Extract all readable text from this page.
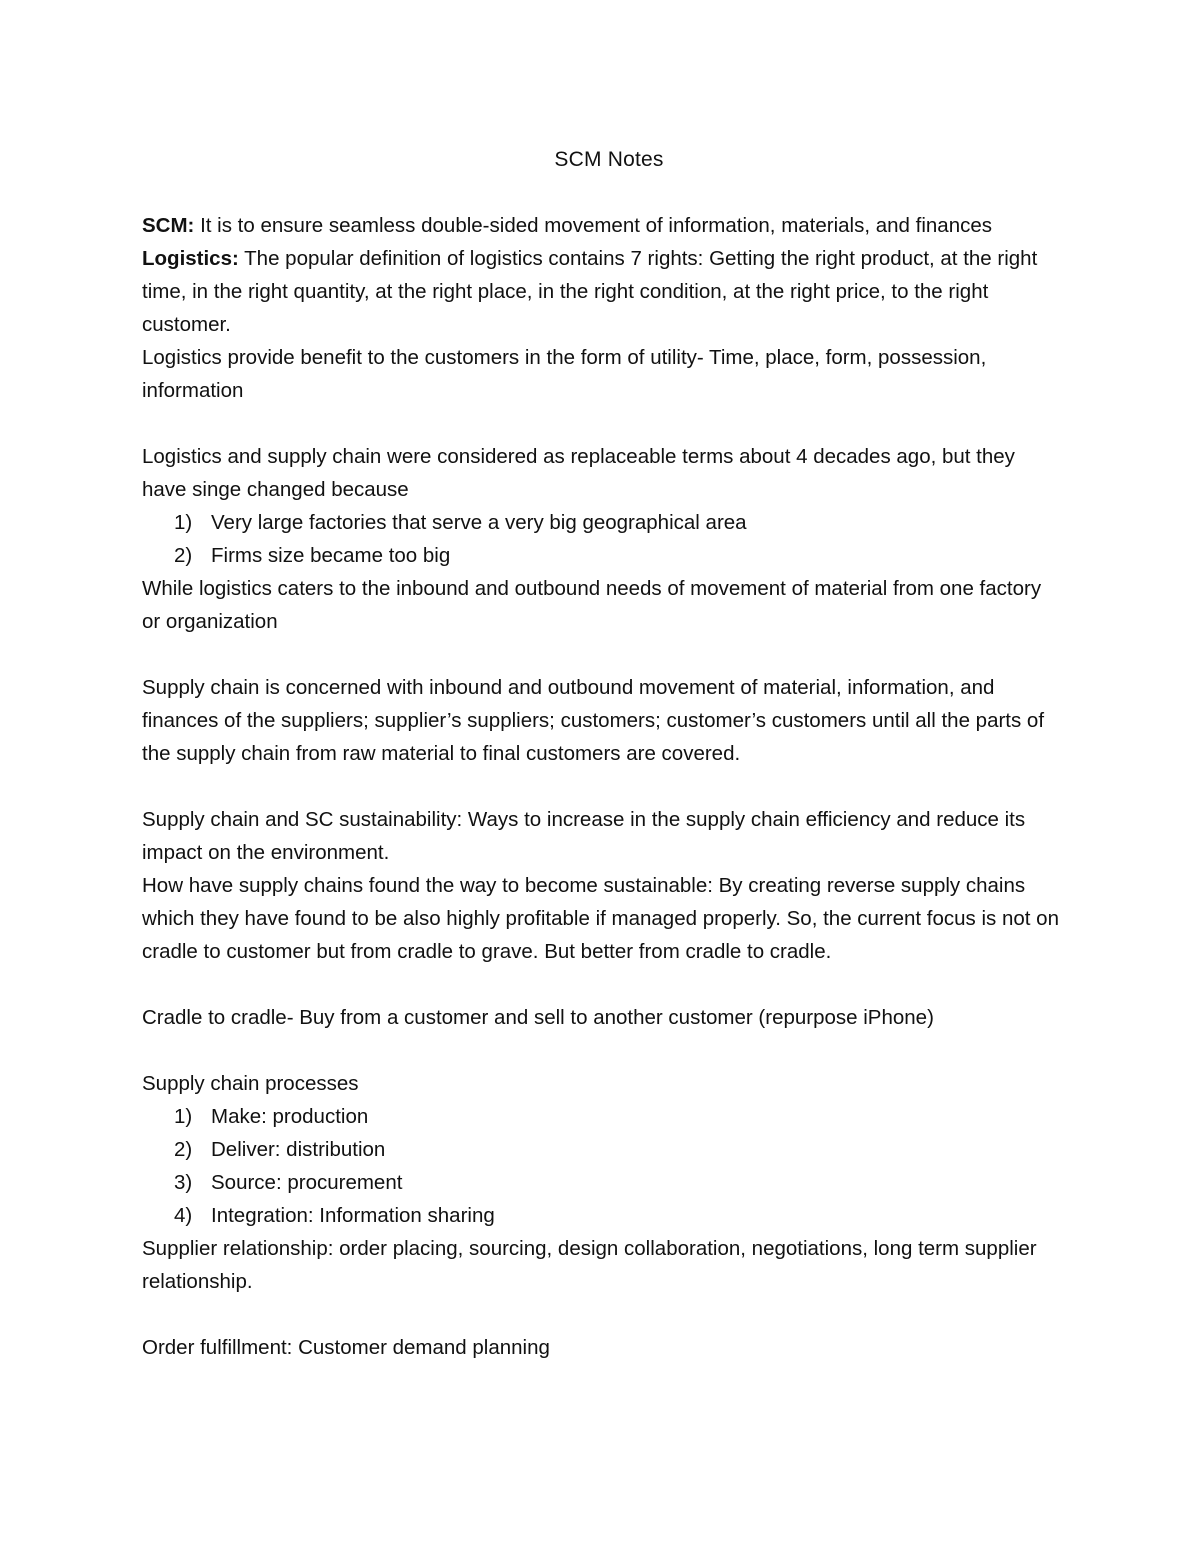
SCM Notes

SCM: It is to ensure seamless double-sided movement of information, materials, and finances

Logistics: The popular definition of logistics contains 7 rights: Getting the right product, at the right time, in the right quantity, at the right place, in the right condition, at the right price, to the right customer.

Logistics provide benefit to the customers in the form of utility- Time, place, form, possession, information

Logistics and supply chain were considered as replaceable terms about 4 decades ago, but they have singe changed because

1) Very large factories that serve a very big geographical area
2) Firms size became too big

While logistics caters to the inbound and outbound needs of movement of material from one factory or organization

Supply chain is concerned with inbound and outbound movement of material, information, and finances of the suppliers; supplier’s suppliers; customers; customer’s customers until all the parts of the supply chain from raw material to final customers are covered.

Supply chain and SC sustainability: Ways to increase in the supply chain efficiency and reduce its impact on the environment.

How have supply chains found the way to become sustainable: By creating reverse supply chains which they have found to be also highly profitable if managed properly. So, the current focus is not on cradle to customer but from cradle to grave. But better from cradle to cradle.

Cradle to cradle- Buy from a customer and sell to another customer (repurpose iPhone)

Supply chain processes

1) Make: production
2) Deliver: distribution
3) Source: procurement
4) Integration: Information sharing

Supplier relationship: order placing, sourcing, design collaboration, negotiations, long term supplier relationship.

Order fulfillment: Customer demand planning
